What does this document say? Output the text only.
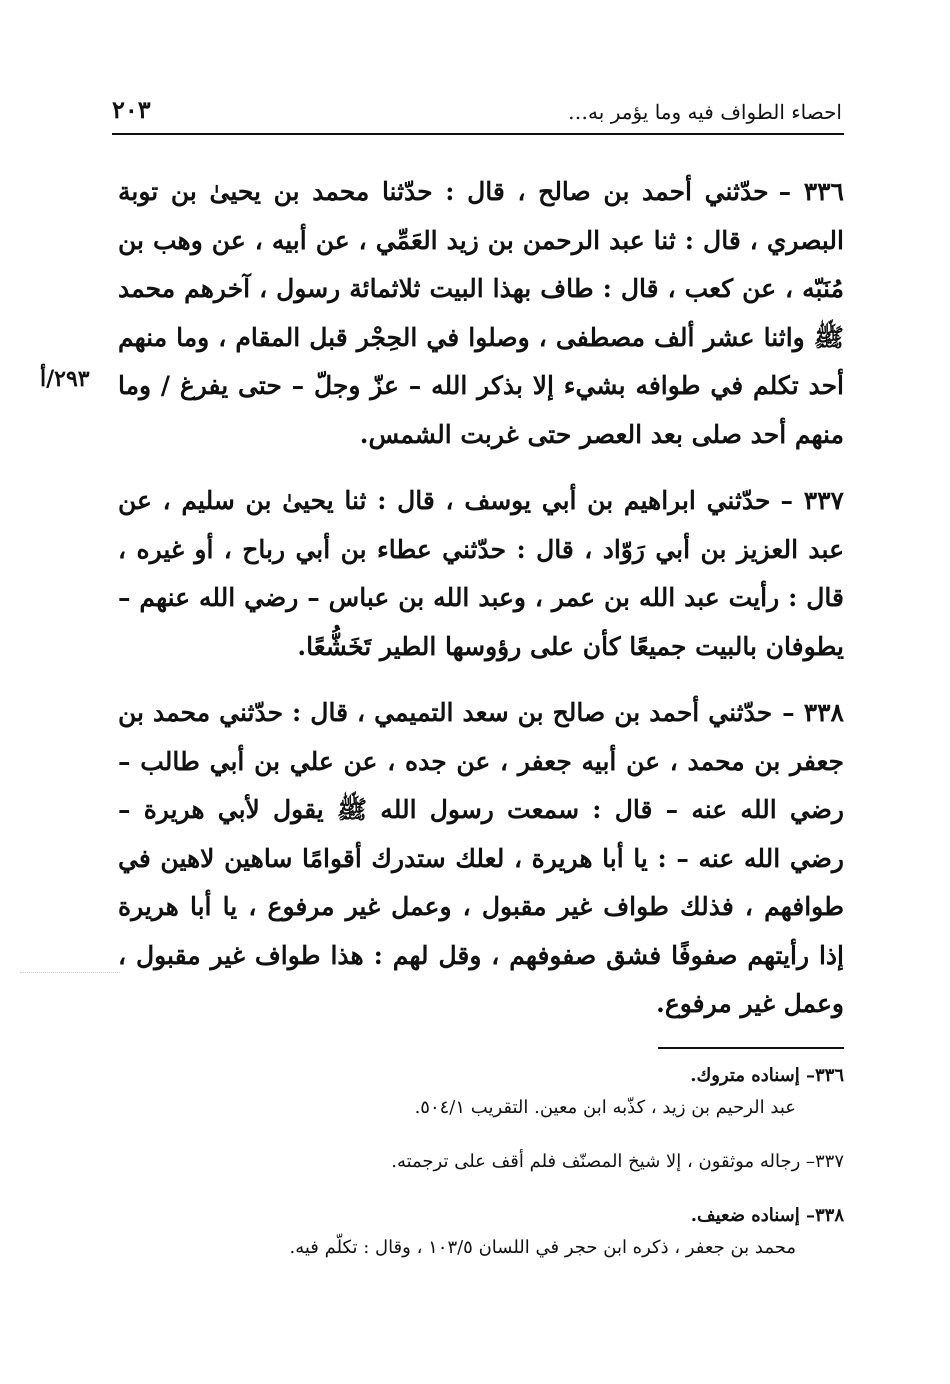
٢٠٣	احصاء الطواف فيه وما يؤمر به…
٢٩٣/أ

٣٣٦ –حدّثني أحمد بن صالح ، قال : حدّثنا محمد بن يحيىٰ بن توبة البصري ، قال : ثنا عبد الرحمن بن زيد العَمِّي ، عن أبيه ، عن وهب بن مُنَبّه ، عن كعب ، قال : طاف بهذا البيت ثلاثمائة رسول ، آخرهم محمد ﷺ واثنا عشر ألف مصطفى ، وصلوا في الحِجْر قبل المقام ، وما منهم أحد تكلم في طوافه بشيء إلا بذكر الله – عزّ وجلّ – حتى يفرغ / وما منهم أحد صلى بعد العصر حتى غربت الشمس.

٣٣٧ –حدّثني ابراهيم بن أبي يوسف ، قال : ثنا يحيىٰ بن سليم ، عن عبد العزيز بن أبي رَوّاد ، قال : حدّثني عطاء بن أبي رباح ، أو غيره ، قال : رأيت عبد الله بن عمر ، وعبد الله بن عباس – رضي الله عنهم – يطوفان بالبيت جميعًا كأن على رؤوسها الطير تَخَشُّعًا.

٣٣٨ –حدّثني أحمد بن صالح بن سعد التميمي ، قال : حدّثني محمد بن جعفر بن محمد ، عن أبيه جعفر ، عن جده ، عن علي بن أبي طالب – رضي الله عنه – قال : سمعت رسول الله ﷺ يقول لأبي هريرة – رضي الله عنه – : يا أبا هريرة ، لعلك ستدرك أقوامًا ساهين لاهين في طوافهم ، فذلك طواف غير مقبول ، وعمل غير مرفوع ، يا أبا هريرة إذا رأيتهم صفوفًا فشق صفوفهم ، وقل لهم : هذا طواف غير مقبول ، وعمل غير مرفوع.

٣٣٦– إسناده متروك.
عبد الرحيم بن زيد ، كذّبه ابن معين. التقريب ٥٠٤/١.
٣٣٧– رجاله موثقون ، إلا شيخ المصنّف فلم أقف على ترجمته.
٣٣٨– إسناده ضعيف.
محمد بن جعفر ، ذكره ابن حجر في اللسان ١٠٣/٥ ، وقال : تكلّم فيه.
